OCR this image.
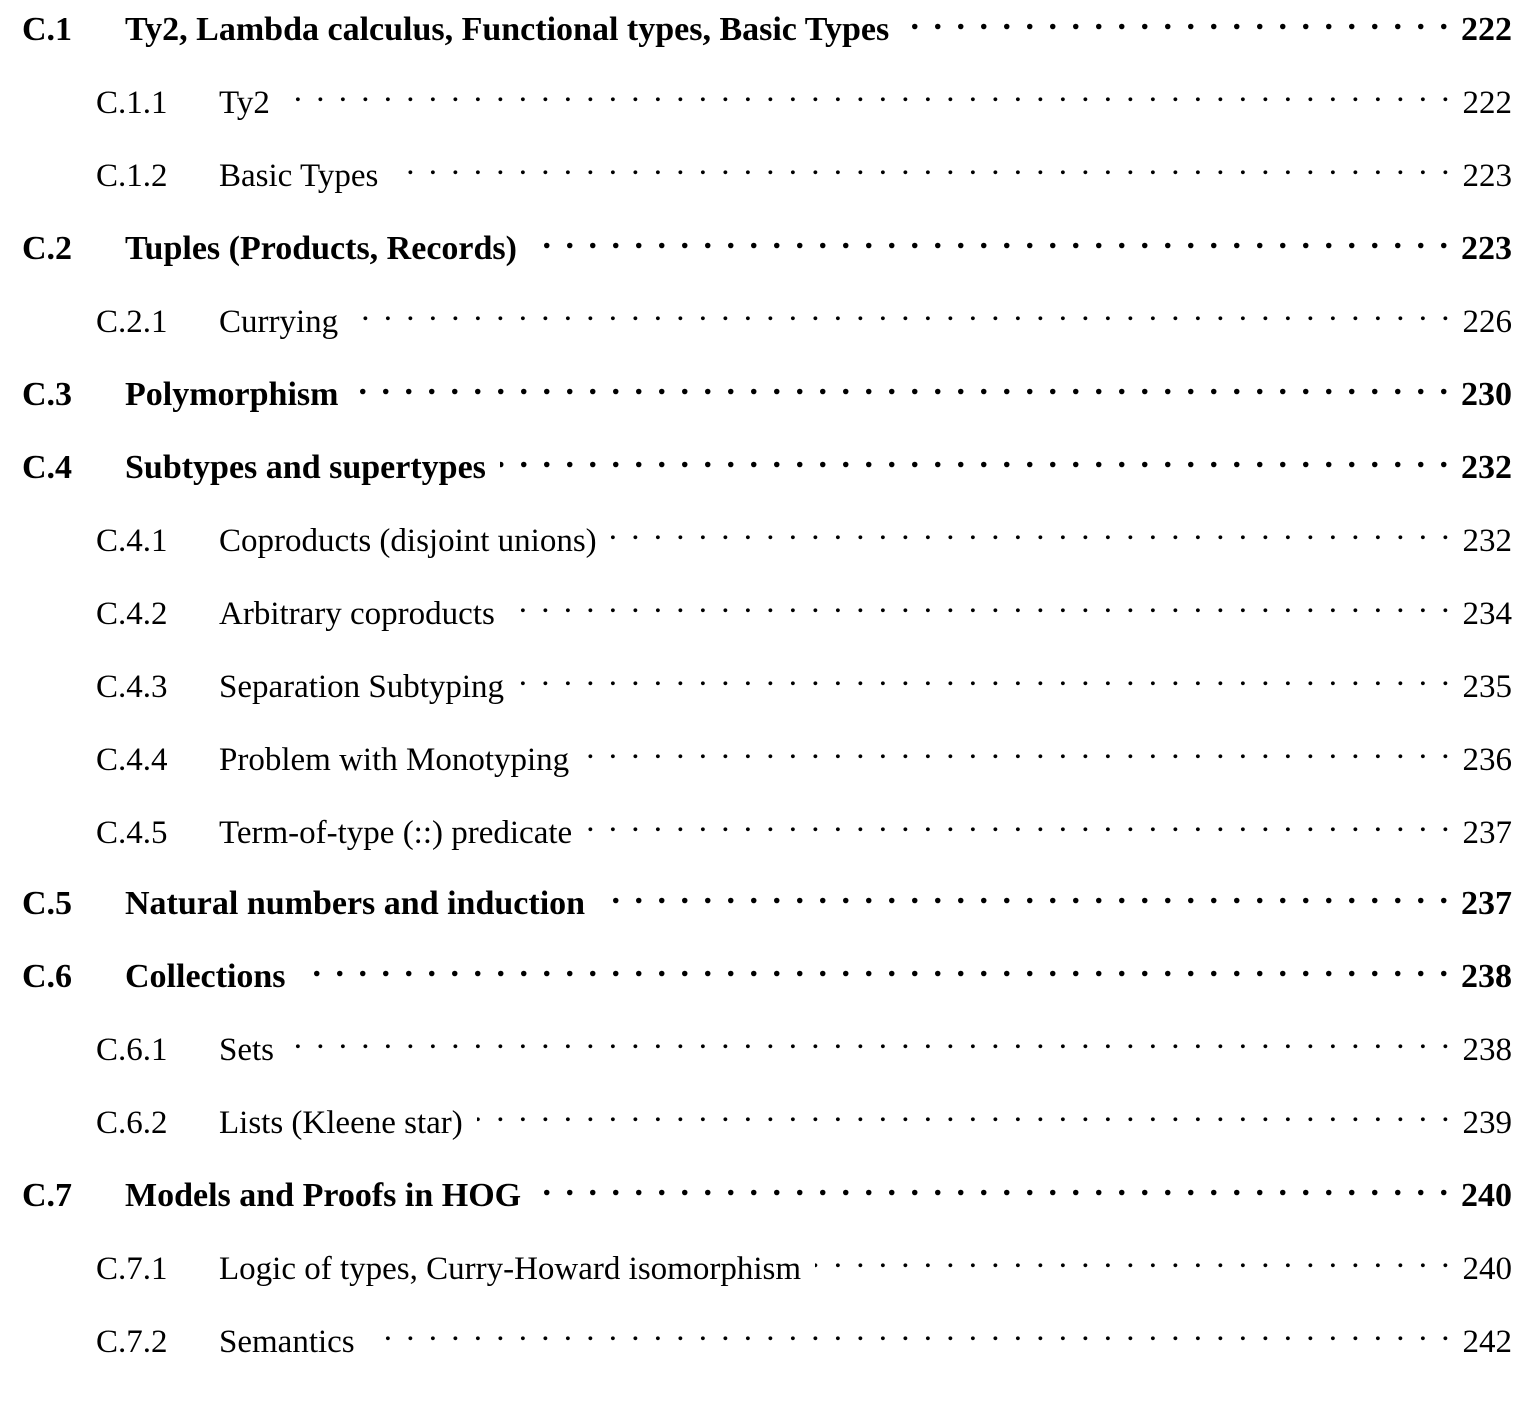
C.1	Ty2, Lambda calculus, Functional types, Basic Types . . .	222
C.1.1	Ty2 . . .	222
C.1.2	Basic Types . . .	223
C.2	Tuples (Products, Records) . . .	223
C.2.1	Currying . . .	226
C.3	Polymorphism . . .	230
C.4	Subtypes and supertypes . . .	232
C.4.1	Coproducts (disjoint unions) . . .	232
C.4.2	Arbitrary coproducts . . .	234
C.4.3	Separation Subtyping . . .	235
C.4.4	Problem with Monotyping . . .	236
C.4.5	Term-of-type (::) predicate . . .	237
C.5	Natural numbers and induction . . .	237
C.6	Collections . . .	238
C.6.1	Sets . . .	238
C.6.2	Lists (Kleene star) . . .	239
C.7	Models and Proofs in HOG . . .	240
C.7.1	Logic of types, Curry-Howard isomorphism . . .	240
C.7.2	Semantics . . .	242
